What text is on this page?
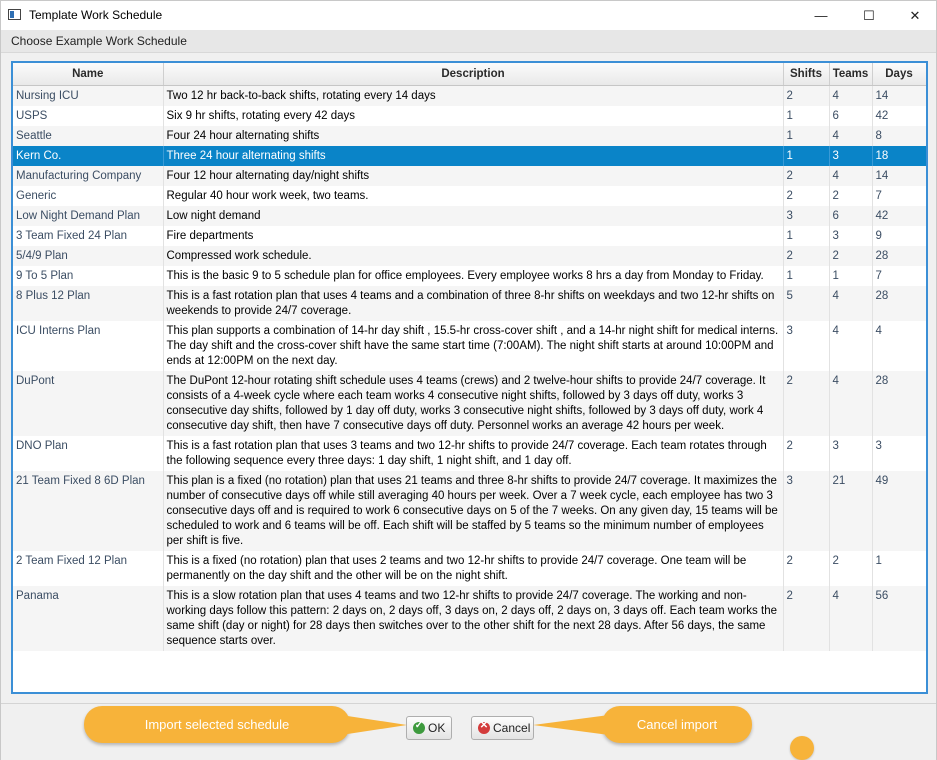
Template Work Schedule	—	☐	✕
Choose Example Work Schedule
Name	Description	Shifts	Teams	Days
Nursing ICU	Two 12 hr back-to-back shifts, rotating every 14 days	2	4	14
USPS	Six 9 hr shifts, rotating every 42 days	1	6	42
Seattle	Four 24 hour alternating shifts	1	4	8
Kern Co.	Three 24 hour alternating shifts	1	3	18
Manufacturing Company	Four 12 hour alternating day/night shifts	2	4	14
Generic	Regular 40 hour work week, two teams.	2	2	7
Low Night Demand Plan	Low night demand	3	6	42
3 Team Fixed 24 Plan	Fire departments	1	3	9
5/4/9 Plan	Compressed work schedule.	2	2	28
9 To 5 Plan	This is the basic 9 to 5 schedule plan for office employees. Every employee works 8 hrs a day from Monday to Friday.	1	1	7
8 Plus 12 Plan	This is a fast rotation plan that uses 4 teams and a combination of three 8-hr shifts on weekdays and two 12-hr shifts on weekends to provide 24/7 coverage.	5	4	28
ICU Interns Plan	This plan supports a combination of 14-hr day shift , 15.5-hr cross-cover shift , and a 14-hr night shift for medical interns. The day shift and the cross-cover shift have the same start time (7:00AM). The night shift starts at around 10:00PM and ends at 12:00PM on the next day.	3	4	4
DuPont	The DuPont 12-hour rotating shift schedule uses 4 teams (crews) and 2 twelve-hour shifts to provide 24/7 coverage. It consists of a 4-week cycle where each team works 4 consecutive night shifts, followed by 3 days off duty, works 3 consecutive day shifts, followed by 1 day off duty, works 3 consecutive night shifts, followed by 3 days off duty, work 4 consecutive day shift, then have 7 consecutive days off duty. Personnel works an average 42 hours per week.	2	4	28
DNO Plan	This is a fast rotation plan that uses 3 teams and two 12-hr shifts to provide 24/7 coverage. Each team rotates through the following sequence every three days: 1 day shift, 1 night shift, and 1 day off.	2	3	3
21 Team Fixed 8 6D Plan	This plan is a fixed (no rotation) plan that uses 21 teams and three 8-hr shifts to provide 24/7 coverage. It maximizes the number of consecutive days off while still averaging 40 hours per week. Over a 7 week cycle, each employee has two 3 consecutive days off and is required to work 6 consecutive days on 5 of the 7 weeks. On any given day, 15 teams will be scheduled to work and 6 teams will be off. Each shift will be staffed by 5 teams so the minimum number of employees per shift is five.	3	21	49
2 Team Fixed 12 Plan	This is a fixed (no rotation) plan that uses 2 teams and two 12-hr shifts to provide 24/7 coverage. One team will be permanently on the day shift and the other will be on the night shift.	2	2	1
Panama	This is a slow rotation plan that uses 4 teams and two 12-hr shifts to provide 24/7 coverage. The working and non-working days follow this pattern: 2 days on, 2 days off, 3 days on, 2 days off, 2 days on, 3 days off. Each team works the same shift (day or night) for 28 days then switches over to the other shift for the next 28 days. After 56 days, the same sequence starts over.	2	4	56
✓ OK	✕ Cancel
Import selected schedule	Cancel import
